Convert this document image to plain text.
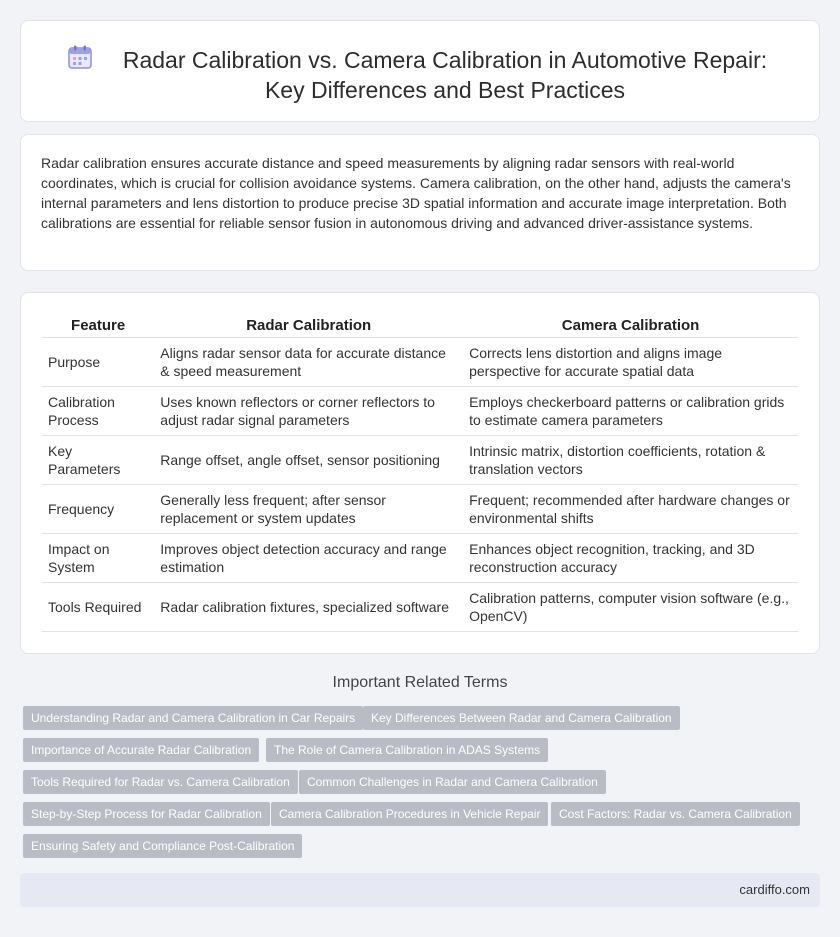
Radar Calibration vs. Camera Calibration in Automotive Repair: Key Differences and Best Practices

Radar calibration ensures accurate distance and speed measurements by aligning radar sensors with real-world coordinates, which is crucial for collision avoidance systems. Camera calibration, on the other hand, adjusts the camera's internal parameters and lens distortion to produce precise 3D spatial information and accurate image interpretation. Both calibrations are essential for reliable sensor fusion in autonomous driving and advanced driver-assistance systems.

Feature	Radar Calibration	Camera Calibration
Purpose	Aligns radar sensor data for accurate distance & speed measurement	Corrects lens distortion and aligns image perspective for accurate spatial data
Calibration Process	Uses known reflectors or corner reflectors to adjust radar signal parameters	Employs checkerboard patterns or calibration grids to estimate camera parameters
Key Parameters	Range offset, angle offset, sensor positioning	Intrinsic matrix, distortion coefficients, rotation & translation vectors
Frequency	Generally less frequent; after sensor replacement or system updates	Frequent; recommended after hardware changes or environmental shifts
Impact on System	Improves object detection accuracy and range estimation	Enhances object recognition, tracking, and 3D reconstruction accuracy
Tools Required	Radar calibration fixtures, specialized software	Calibration patterns, computer vision software (e.g., OpenCV)
Important Related Terms
Understanding Radar and Camera Calibration in Car Repairs	Key Differences Between Radar and Camera Calibration
Importance of Accurate Radar Calibration	The Role of Camera Calibration in ADAS Systems
Tools Required for Radar vs. Camera Calibration	Common Challenges in Radar and Camera Calibration
Step-by-Step Process for Radar Calibration	Camera Calibration Procedures in Vehicle Repair	Cost Factors: Radar vs. Camera Calibration
Ensuring Safety and Compliance Post-Calibration
cardiffo.com
